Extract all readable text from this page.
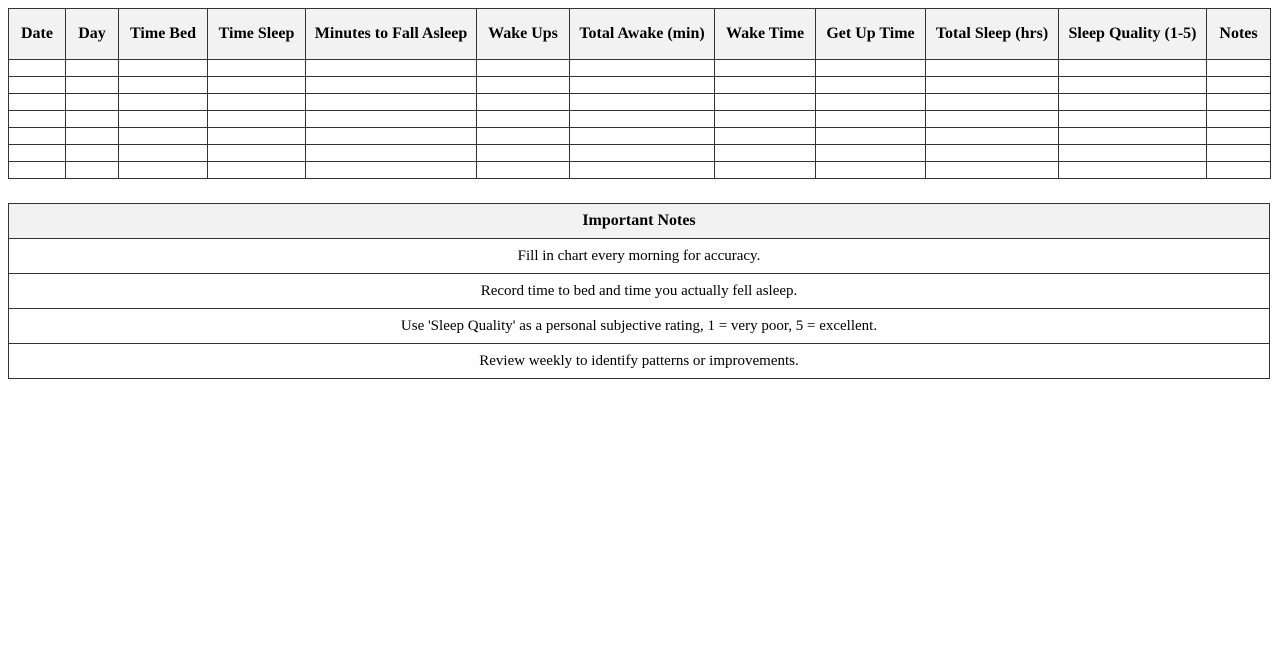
Date	Day	Time Bed	Time Sleep	Minutes to Fall Asleep	Wake Ups	Total Awake (min)	Wake Time	Get Up Time	Total Sleep (hrs)	Sleep Quality (1-5)	Notes

Important Notes
Fill in chart every morning for accuracy.
Record time to bed and time you actually fell asleep.
Use 'Sleep Quality' as a personal subjective rating, 1 = very poor, 5 = excellent.
Review weekly to identify patterns or improvements.
